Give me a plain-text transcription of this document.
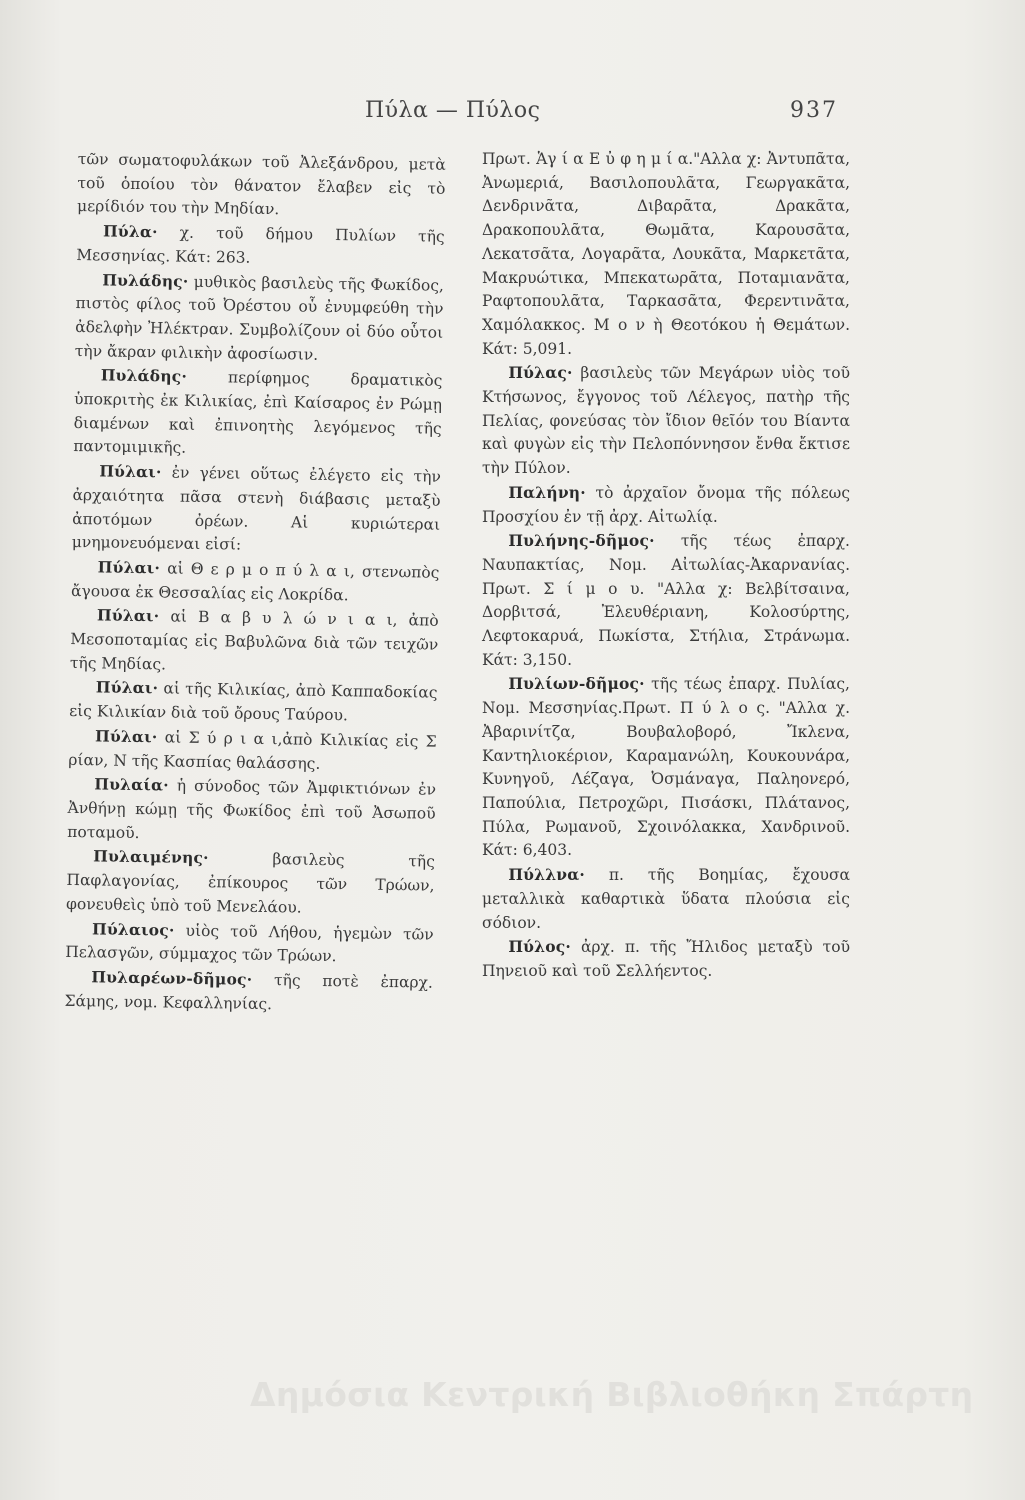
Πύλα — Πύλος	937

τῶν σωματοφυλάκων τοῦ Ἀλεξάνδρου, μετὰ τοῦ ὁποίου τὸν θάνατον ἔλαβεν εἰς τὸ μερίδιόν του τὴν Μηδίαν.

Πύλα· χ. τοῦ δήμου Πυλίων τῆς Μεσσηνίας. Κάτ: 263.

Πυλάδης· μυθικὸς βασιλεὺς τῆς Φωκίδος, πιστὸς φίλος τοῦ Ὀρέστου οὗ ἐνυμφεύθη τὴν ἀδελφὴν Ἠλέκτραν. Συμβολίζουν οἱ δύο οὗτοι τὴν ἄκραν φιλικὴν ἀφοσίωσιν.

Πυλάδης·	περίφημος δραματικὸς ὑποκριτὴς ἐκ Κιλικίας, ἐπὶ Καίσαρος ἐν Ρώμῃ διαμένων καὶ ἐπινοητὴς λεγόμενος τῆς παντομιμικῆς.

Πύλαι· ἐν γένει οὕτως ἐλέγετο εἰς τὴν ἀρχαιότητα πᾶσα στενὴ διάβασις μεταξὺ ἀποτόμων ὀρέων. Αἱ κυριώτεραι μνημονευόμεναι εἰσί:

Πύλαι· αἱ Θ ε ρ μ ο π ύ λ α ι, στενωπὸς ἄγουσα ἐκ Θεσσαλίας εἰς Λοκρίδα.

Πύλαι· αἱ Β α β υ λ ώ ν ι α ι, ἀπὸ Μεσοποταμίας εἰς Βαβυλῶνα διὰ τῶν τειχῶν τῆς Μηδίας.

Πύλαι· αἱ τῆς Κιλικίας, ἀπὸ Καππαδοκίας εἰς Κιλικίαν διὰ τοῦ ὄρους Ταύρου.

Πύλαι· αἱ Σ ύ ρ ι α ι,ἀπὸ Κιλικίας εἰς Σ ρίαν, Ν τῆς Κασπίας θαλάσσης.

Πυλαία· ἡ σύνοδος τῶν Ἀμφικτιόνων ἐν Ἀνθήνῃ κώμῃ τῆς Φωκίδος ἐπὶ τοῦ Ἀσωποῦ ποταμοῦ.

Πυλαιμένης·	βασιλεὺς τῆς Παφλαγονίας, ἐπίκουρος τῶν Τρώων, φονευθεὶς ὑπὸ τοῦ Μενελάου.

Πύλαιος· υἱὸς τοῦ Λήθου, ἡγεμὼν τῶν Πελασγῶν, σύμμαχος τῶν Τρώων.

Πυλαρέων-δῆμος· τῆς ποτὲ ἐπαρχ. Σάμης, νομ. Κεφαλληνίας.

Πρωτ. Ἁγ ί α Ε ὐ φ η μ ί α."Αλλα χ: Ἀντυπᾶτα, Ἀνωμεριά, Βασιλοπουλᾶτα, Γεωργακᾶτα, Δενδρινᾶτα, Διβαρᾶτα, Δρακᾶτα, Δρακοπουλᾶτα, Θωμᾶτα, Καρουσᾶτα, Λεκατσᾶτα, Λογαρᾶτα, Λουκᾶτα, Μαρκετᾶτα, Μακρυώτικα, Μπεκατωρᾶτα, Ποταμιανᾶτα, Ραφτοπουλᾶτα, Ταρκασᾶτα, Φερεντινᾶτα, Χαμόλακκος. Μ ο ν ὴ Θεοτόκου ἡ Θεμάτων. Κάτ: 5,091.

Πύλας· βασιλεὺς τῶν Μεγάρων υἱὸς τοῦ Κτήσωνος, ἔγγονος τοῦ Λέλεγος, πατὴρ τῆς Πελίας, φονεύσας τὸν ἴδιον θεῖόν του Βίαντα καὶ φυγὼν εἰς τὴν Πελοπόννησον ἔνθα ἔκτισε τὴν Πύλον.

Παλήνη· τὸ ἀρχαῖον ὄνομα τῆς πόλεως Προσχίου ἐν τῇ ἀρχ. Αἰτωλίᾳ.

Πυλήνης-δῆμος· τῆς τέως ἐπαρχ. Ναυπακτίας, Νομ. Αἰτωλίας-Ἀκαρνανίας. Πρωτ. Σ ί μ ο υ. "Αλλα χ: Βελβίτσαινα, Δορβιτσά, Ἐλευθέριανη, Κολοσύρτης, Λεφτοκαρυά, Πωκίστα, Στήλια, Στράνωμα. Κάτ: 3,150.

Πυλίων-δῆμος· τῆς τέως ἐπαρχ. Πυλίας, Νομ. Μεσσηνίας.Πρωτ. Π ύ λ ο ς. "Αλλα χ. Ἀβαρινίτζα, Βουβαλοβορό, Ἴκλενα, Καντηλιοκέριον, Καραμανώλη, Κουκουνάρα, Κυνηγοῦ, Λέζαγα, Ὀσμάναγα, Παληονερό, Παπούλια, Πετροχῶρι, Πισάσκι, Πλάτανος, Πύλα, Ρωμανοῦ, Σχοινόλακκα, Χανδρινοῦ. Κάτ: 6,403.

Πύλλνα· π. τῆς Βοημίας, ἔχουσα μεταλλικὰ καθαρτικὰ ὕδατα πλούσια εἰς σόδιον.

Πύλος· ἀρχ. π. τῆς Ἤλιδος μεταξὺ τοῦ Πηνειοῦ καὶ τοῦ Σελλήεντος.

Δημόσια Κεντρική Βιβλιοθήκη Σπάρτη
